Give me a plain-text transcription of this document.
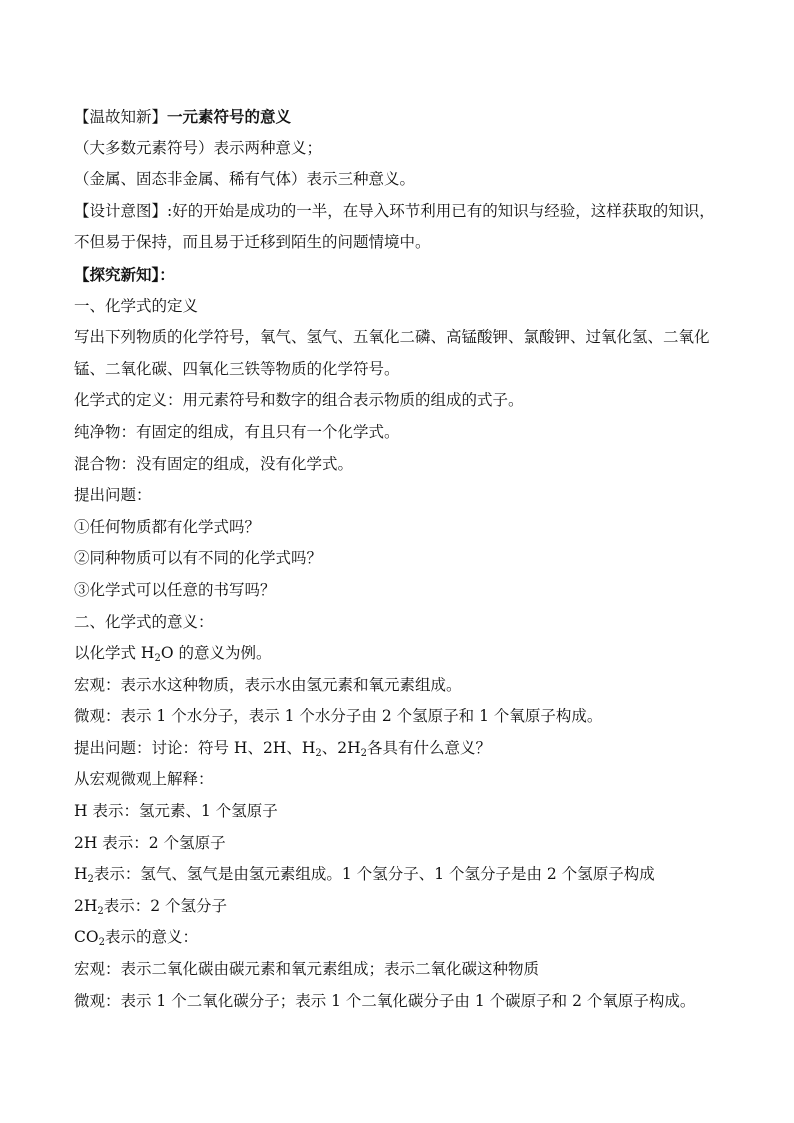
【温故知新】一元素符号的意义
（大多数元素符号）表示两种意义；
（金属、固态非金属、稀有气体）表示三种意义。
【设计意图】:好的开始是成功的一半，在导入环节利用已有的知识与经验，这样获取的知识，
不但易于保持，而且易于迁移到陌生的问题情境中。
【探究新知】：
一、化学式的定义
写出下列物质的化学符号，氧气、氢气、五氧化二磷、高锰酸钾、氯酸钾、过氧化氢、二氧化
锰、二氧化碳、四氧化三铁等物质的化学符号。
化学式的定义：用元素符号和数字的组合表示物质的组成的式子。
纯净物：有固定的组成，有且只有一个化学式。
混合物：没有固定的组成，没有化学式。
提出问题：
①任何物质都有化学式吗？
②同种物质可以有不同的化学式吗？
③化学式可以任意的书写吗？
二、化学式的意义：
以化学式 $H_2O$ 的意义为例。
宏观：表示水这种物质，表示水由氢元素和氧元素组成。
微观：表示 1 个水分子，表示 1 个水分子由 2 个氢原子和 1 个氧原子构成。
提出问题：讨论：符号 H、2H、$H_2$、$2H_2$各具有什么意义？
从宏观微观上解释：
H 表示：氢元素、1 个氢原子
2H 表示：2 个氢原子
$H_2$表示：氢气、氢气是由氢元素组成。1 个氢分子、1 个氢分子是由 2 个氢原子构成
$2H_2$表示：2 个氢分子
$CO_2$表示的意义：
宏观：表示二氧化碳由碳元素和氧元素组成；表示二氧化碳这种物质
微观：表示 1 个二氧化碳分子；表示 1 个二氧化碳分子由 1 个碳原子和 2 个氧原子构成。
